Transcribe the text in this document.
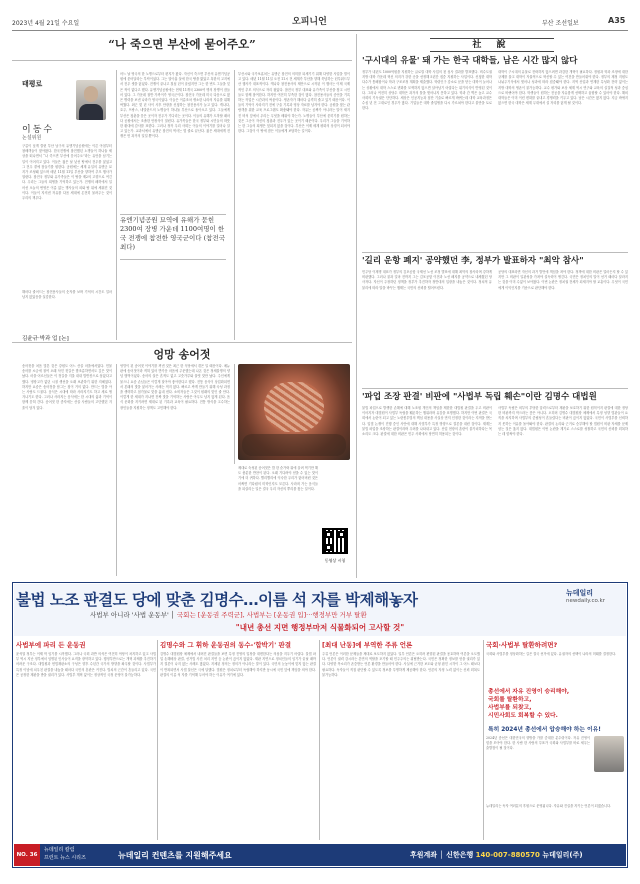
2023년 4월 21일 수요일	오피니언	부산 조선일보	A35
“나 죽으면 부산에 묻어주오”
태평로
이동수
논설위원
구름이 낮게 깔린 부산 남구의 유엔기념공원에는 이른 아침부터 참배객들이 찾아왔다. 한국전쟁에 참전했던 노병들이 하나둘 세상을 떠나면서 “나 죽으면 부산에 묻어주오”라는 유언을 남기는 일이 이어지고 있다. 이들은 젊은 날 낯선 땅에서 전우를 잃었고 그 전우 곁에 잠들기를 원한다. 공원에는 세계 유일의 유엔군 묘지가 조성돼 있으며 매년 11월 11일 부산을 향하여 추모 행사가 열린다. 참전국 정부와 유가족들은 이 땅을 제2의 고향으로 여긴다. 우리는 그들의 희생을 기억하고 있는가. 전쟁의 폐허에서 일어선 오늘의 번영은 이름 없는 병사들의 피와 땀 위에 세워진 것이다. 이들이 지켜낸 자유를 다음 세대에 온전히 물려주는 것이 우리의 책무다.
해마다 줄어드는 참전용사들의 숫자를 보며 기억의 시간도 얼마 남지 않았음을 실감한다.
김윤규·박과 업 [논]
어느 날 영국의 한 노병으로부터 편지가 왔다. 자신이 죽으면 부산의 유엔기념공원에 묻어달라는 부탁이었다. 그는 열아홉 살에 한국 땅을 밟았고 혹한의 고지에서 전우 셋을 잃었다. 전쟁이 끝나고 칠십 년이 흘렀지만 그는 한 번도 그들을 잊은 적이 없다고 했다. 유엔기념공원에는 현재 11개국 2300여 명의 장병이 잠들어 있다. 그 가운데 절반 가까이가 영국군이다. 참전국 가운데 미국 다음으로 많은 병력을 보낸 나라가 영국이었다. 이들은 이름조차 생소한 나라의 자유를 위해 싸웠다. 최근 몇 년 사이 사후 안장을 신청하는 참전용사가 늘고 있다. 캐나다, 호주, 프랑스, 네덜란드의 노병들이 하나둘 부산으로 돌아오고 있다. 그들에게 부산은 청춘을 묻은 곳이자 전우가 기다리는 곳이다. 이들의 유해가 도착할 때마다 공원에서는 조촐한 안장식이 열린다. 유가족들은 한국 정부와 시민들의 따뜻한 환대에 감사를 표한다. 그러나 정작 우리 사회는 이들의 이야기를 얼마나 알고 있는가. 교과서에서 유엔군 참전의 역사는 몇 줄로 끝난다. 젊은 세대에게 전쟁은 먼 과거의 일일 뿐이다.
유엔기념공원 묘역에 유해가 묻힌 2300여 장병 가운데 1100여명이 한국 전쟁에 참전한 영국군이다 (참전국 최다)
부산시와 국가보훈처는 유엔군 참전의 의미를 되새기기 위해 다양한 사업을 벌이고 있다. 매년 11월 11일 오전 11시 전 세계가 부산을 향해 묵념하는 턴투워드부산 행사가 대표적이다. 캐나다 참전용사의 제안으로 시작된 이 행사는 이제 국제적인 추모 의식으로 자리 잡았다. 참전국 정부 대표와 유가족이 부산을 찾고 시민들도 함께 참여한다. 하지만 여전히 부족한 것이 많다. 참전용사들의 증언을 기록하는 작업은 시간과의 싸움이다. 생존자가 해마다 급격히 줄고 있기 때문이다. 이들의 기억이 사라지기 전에 구술 기록과 영상 자료를 남겨야 한다. 공원을 찾는 관람객을 위한 교육 프로그램도 확충돼야 한다. 자유는 공짜가 아니라는 말이 새겨진 비석 앞에서 우리는 무엇을 배워야 하는가. 노병들이 부산에 묻히기를 원하는 것은 그곳이 자신의 청춘과 전우가 있는 곳이기 때문이다. 우리가 그들을 기억하는 한 그들의 희생은 헛되지 않을 것이다. 부산은 이제 세계 평화의 상징이 되어야 한다. 그것이 이 땅에 잠든 이들에게 보답하는 길이다.
엉망 송어젓
송어젓을 처음 맛본 것은 강원도 어느 산골 마을에서였다. 민물 송어를 소금에 절여 오래 삭힌 젓갈은 짭조름하면서도 깊은 맛이 났다. 마을 어르신들은 이 젓갈을 겨울 내내 밥반찬으로 삼았다고 했다. 냉장고가 없던 시절 생선을 오래 보관하기 위한 지혜였다. 하지만 요즘은 송어젓을 담그는 집이 거의 없다. 만드는 법을 아는 사람도 드물다. 음식은 시대에 따라 사라지기도 하고 새로 생겨나기도 한다. 그러나 사라지는 음식에는 한 시대의 삶과 기억이 함께 묻혀 간다. 송어젓 한 종지에는 산골 사람들의 고단했던 겨울이 담겨 있다.
엉망이 된 송어젓 이야기를 꺼낸 것은 최근 한 식당에서 겪은 일 때문이다. 메뉴판에 송어젓이라 적혀 있어 반가운 마음에 주문했는데 나온 것은 정체불명의 양념 범벅이었다. 송어의 살은 흔적도 없고 고춧가루와 물엿 맛만 났다. 주인에게 물으니 요즘 손님들은 이렇게 달아야 좋아한다고 했다. 전통 음식이 상업화되면서 본래의 맛을 잃어가는 사례는 적지 않다. 빠르고 싸게 만들기 위해 숙성 과정을 생략하고 첨가물로 맛을 흉내 낸다. 소비자들은 그것이 원래의 맛인 줄 안다. 이렇게 한 세대가 지나면 진짜 맛을 기억하는 사람은 아무도 남지 않게 된다. 음식 문화를 지키려면 제대로 된 기록과 교육이 필요하다. 전통 방식을 고수하는 장인들을 지원하는 정책도 고민해야 한다.
제대로 숙성된 송어젓은 밥 한 숟가락 위에 올려 먹기만 해도 충분한 반찬이 된다. 오래 기다려야 얻을 수 있는 맛이기에 더 귀하다. 빨리빨리에 익숙한 우리가 잃어버린 것은 어쩌면 기다림의 미학인지도 모른다. 사라져 가는 음식들을 되살리는 일은 결국 우리 자신의 뿌리를 찾는 일이다.
동영상 시청
社 說
'구시대의 유물' 돼 가는 한국 대학들, 남은 시간 많지 않다
정부가 내년도 1000억원을 지원하는 글로컬 대학 사업의 첫 심사 결과를 발표했다. 비수도권 지방 대학 가운데 혁신 의지가 강한 곳을 선정해 5년간 집중 지원하는 사업이다. 신청한 대학 다수가 통폐합이나 학과 구조조정 계획을 제출했다. 학령인구 감소로 문을 닫는 대학이 늘어나는 상황에서 대학 스스로 변화를 모색하지 않으면 살아남기 어렵다는 위기의식이 반영된 것이다. 그러나 여전히 상당수 대학은 과거의 틀을 벗어나지 못하고 있다. 학과 간 벽은 높고 교수 사회의 기득권은 단단하다. 세상은 인공지능과 첨단 기술로 빠르게 바뀌는데 대학 교육과정은 수십 년 전 그대로인 경우가 많다. 기업들은 대학 졸업생을 다시 가르쳐야 한다고 불만을 토로한다.
대학이 구시대의 유물로 전락하지 않으려면 과감한 개혁이 필요하다. 정원과 학과 조정에 대한 규제를 풀고 대학이 자율적으로 혁신할 수 있는 여건을 만들어줘야 한다. 정부의 재정 지원도 나눠주기식에서 벗어나 성과에 따라 집중돼야 한다. 지역 산업과 연계한 특성화 전략 없이는 지방 대학의 생존이 불가능하다. 교수 평가와 보상 체계 역시 연구와 교육의 실질적 성과 중심으로 바뀌어야 한다. 학생들이 원하는 전공을 자유롭게 선택하고 융합할 수 있어야 한다. 해외 대학들은 이미 이런 변화를 끝내고 경쟁력을 키우고 있다. 남은 시간은 많지 않다. 지금 바뀌지 않으면 한국 대학은 세계 무대에서 설 자리를 잃게 될 것이다.
'길리 운항 폐지' 공약했던 李, 정부가 발표하자 "최악 참사"
민주당 이재명 대표가 정부의 김포공항 국제선 노선 조정 발표에 대해 최악의 참사라며 강하게 비판했다. 그러나 불과 얼마 전까지 그는 김포공항 이전과 노선 폐지를 공약으로 내세웠던 당사자다. 자신이 주장하던 정책을 정부가 추진하자 정반대의 입장을 내놓은 것이다. 정치적 유불리에 따라 말을 바꾸는 행태는 국민의 신뢰를 떨어뜨린다.
공당의 대표라면 자신의 과거 발언에 책임을 져야 한다. 정책에 대한 비판은 얼마든지 할 수 있지만 그 비판이 일관성을 가져야 설득력이 생긴다. 국민은 정치인의 말이 선거 때마다 달라지는 것을 이미 수없이 보아왔다. 이번 논란은 정치권 전체가 되새겨야 할 교훈이다. 무엇이 국민에게 이익인지를 기준으로 판단해야 한다.
'파업 조장 판결' 비판에 "사법부 독립 훼손"이란 김명수 대법원
불법 파업으로 발생한 손해에 대해 노조원 개인의 책임을 제한한 대법원 판결을 두고 비판이 이어지자 대법원이 사법부 독립을 훼손하는 행위라며 유감을 표명했다. 하지만 이번 판결은 국회에서 논란이 되고 있는 노란봉투법의 핵심 내용을 사실상 먼저 인정한 것이라는 지적을 받는다. 입법 논쟁이 진행 중인 사안에 대해 사법부가 특정 방향으로 결론을 내린 것이다. 재계는 불법 파업을 조장하는 판결이라며 우려를 나타내고 있다. 산업 현장의 혼란이 불가피하다는 목소리도 크다. 판결에 대한 비판은 민주 사회에서 당연히 허용되는 것이다.
사법부 독립은 외부의 부당한 압력으로부터 재판을 보호하기 위한 원칙이지 판결에 대한 정당한 비판까지 막으라는 뜻은 아니다. 오히려 김명수 대법원장 체제에서 특정 성향 법관들이 요직을 차지하며 사법부의 중립성이 흔들렸다는 비판이 끊이지 않았다. 국민이 사법부를 신뢰하지 못하는 이유를 돌아봐야 한다. 판결의 논리와 근거로 승부해야 할 법원이 비판 자체를 문제 삼는 것은 옳지 않다. 대법원은 이번 논란을 계기로 스스로를 성찰하고 국민의 신뢰를 회복하는 데 힘써야 한다.
불법 노조 판결도 당에 맞춘 김명수…이름 석 자를 박제해놓자	뉴데일리
newdaily.co.kr
사법부 아니라 '사법 운동부' │ 국회는 [운동권 주력군], 사법부는 [운동권 입]···행정부만 거부 탈환
"내년 총선 지면 행정부마저 식물화되어 고사할 것"
사법부에 파리 든 운동권	김명수와 그 휘하 운동권의 동수-'합박기' 판결	[최대 난동]에 부역한 주류 언론	국회·사법부 탈환하려면?
윤석열 정부는 이제 막 임기를 시작했다. 그러나 국회 과반 의석은 여전히 야당이 차지하고 있고 사법부 역시 지난 정부에서 임명된 인사들이 요직을 장악하고 있다. 행정부만으로는 개혁 과제를 추진하기 어려운 구조다. 대법원과 헌법재판소의 구성은 향후 수년간 국가의 방향을 좌우할 것이다. 사법부가 특정 이념에 치우친 판결을 내놓을 때마다 국민의 혼란은 커진다. 법치의 근간이 흔들리고 있다. 국민은 공정한 재판을 받을 권리가 있다. 사법부 개혁 없이는 정상적인 국정 운영이 불가능하다.
김명수 대법원장 체제에서 내려진 판결들을 보면 특정 진영의 입장을 대변한다는 의심을 지우기 어렵다. 불법 파업 손해배상 판결, 선거법 사건 처리 지연 등 논란이 끊이지 않았다. 재판 지연으로 정치인들의 임기가 끝날 때까지 결론이 나지 않는 사례도 많았다. 지체된 정의는 정의가 아니라는 말이 있다. 국민의 눈높이에 맞지 않는 판결이 반복되면서 사법 불신은 극에 달했다. 법원은 정치로부터 독립해야 하지만 동시에 국민 앞에 책임을 져야 한다. 판결의 이름 석 자를 기억해 두어야 하는 이유가 여기에 있다.
주류 언론은 이러한 문제들을 제대로 보도하지 않았다. 일부 언론은 오히려 편향된 판결을 옹호하며 여론을 오도했다. 언론이 권력 감시라는 본연의 역할을 포기할 때 민주주의는 위협받는다. 국민은 정확한 정보를 얻을 권리가 있다. 다양한 목소리가 존중받는 언론 환경을 만들어야 한다. 사실에 근거한 보도와 균형 잡힌 시각이 그 어느 때보다 필요하다. 독자들이 직접 판단할 수 있도록 정보를 투명하게 제공해야 한다. 언론의 자정 노력 없이는 신뢰 회복도 불가능하다.
국회와 사법부를 정상화하는 길은 결국 선거에 있다. 유권자의 선택이 나라의 미래를 결정한다.
총선에서 자유 진영이 승리해야,
국회를 탈환하고,
사법부를 되찾고,
시민사회도 회복할 수 있다.
특히 2024년 총선에서 압승해야 하는 이유!
2024년 총선은 대한민국의 향방을 가를 중대한 분수령이다. 자유 진영이 힘을 모아야 한다. 한 사람 한 사람의 투표가 국회와 사법부를 바로 세우는 출발점이 될 것이다.
뉴데일리는 독자 여러분의 후원으로 운영됩니다. 자유와 진실을 지키는 언론이 되겠습니다.
NO. 36
뉴데일리 칼럼
프런트 뉴스 시리즈	뉴데일리 컨텐츠를 지원해주세요	후원계좌 │ 신한은행 140-007-880570 뉴데일리(주)
